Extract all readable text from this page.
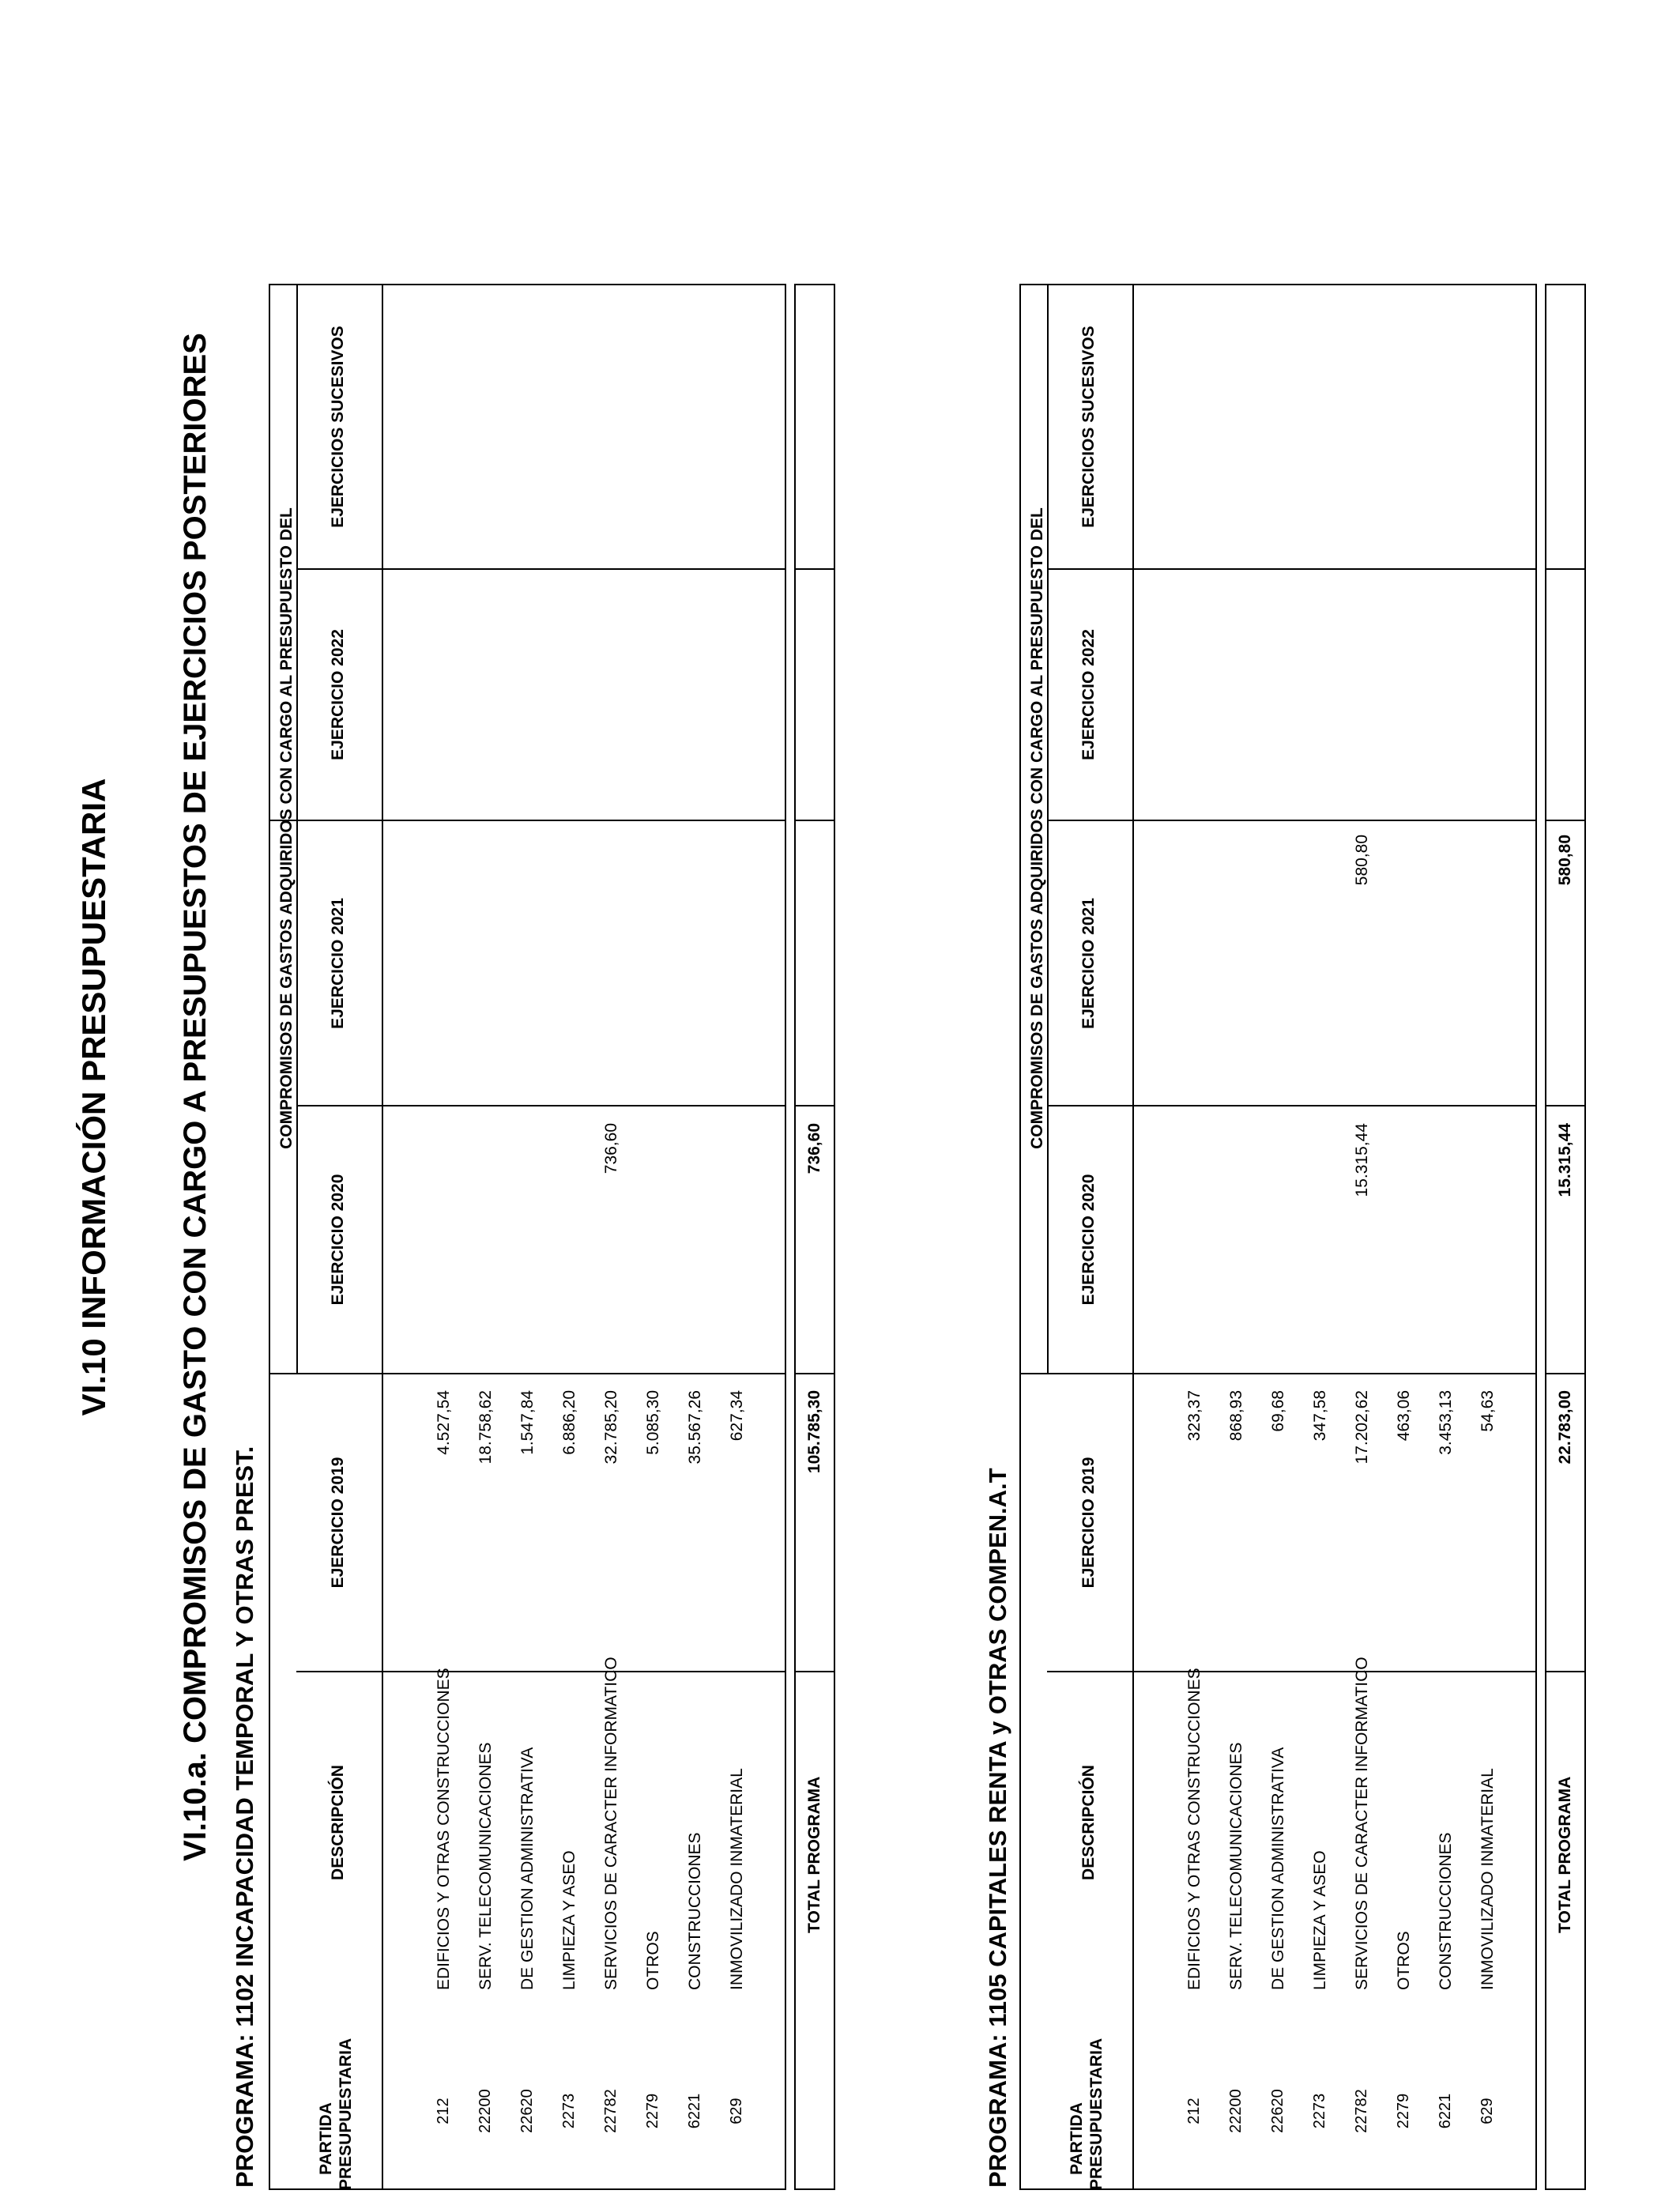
VI.10 INFORMACIÓN PRESUPUESTARIA VI.10.a. COMPROMISOS DE GASTO CON CARGO A PRESUPUESTOS DE EJERCICIOS POSTERIORES PROGRAMA: 1102 INCAPACIDAD TEMPORAL Y OTRAS PREST.
COMPROMISOS DE GASTOS ADQUIRIDOS CON CARGO AL PRESUPUESTO DEL
PARTIDA PRESUPUESTARIA
DESCRIPCIÓN
EJERCICIO 2019
EJERCICIO 2020
EJERCICIO 2021
EJERCICIO 2022
EJERCICIOS SUCESIVOS
212 22200 22620 2273 22782 2279 6221 629
EDIFICIOS Y OTRAS CONSTRUCCIONES SERV. TELECOMUNICACIONES DE GESTION ADMINISTRATIVA LIMPIEZA Y ASEO SERVICIOS DE CARACTER INFORMATICO OTROS CONSTRUCCIONES INMOVILIZADO INMATERIAL
4.527,54 18.758,62 1.547,84 6.886,20 32.785,20 5.085,30 35.567,26 627,34
736,60
TOTAL PROGRAMA
105.785,30
736,60
PROGRAMA: 1105 CAPITALES RENTA y OTRAS COMPEN.A.T
COMPROMISOS DE GASTOS ADQUIRIDOS CON CARGO AL PRESUPUESTO DEL
PARTIDA PRESUPUESTARIA
DESCRIPCIÓN
EJERCICIO 2019
EJERCICIO 2020
EJERCICIO 2021
EJERCICIO 2022
EJERCICIOS SUCESIVOS
212 22200 22620 2273 22782 2279 6221 629
EDIFICIOS Y OTRAS CONSTRUCCIONES SERV. TELECOMUNICACIONES DE GESTION ADMINISTRATIVA LIMPIEZA Y ASEO SERVICIOS DE CARACTER INFORMATICO OTROS CONSTRUCCIONES INMOVILIZADO INMATERIAL
323,37 868,93 69,68 347,58 17.202,62 463,06 3.453,13 54,63
15.315,44
580,80
TOTAL PROGRAMA
22.783,00
15.315,44
580,80
